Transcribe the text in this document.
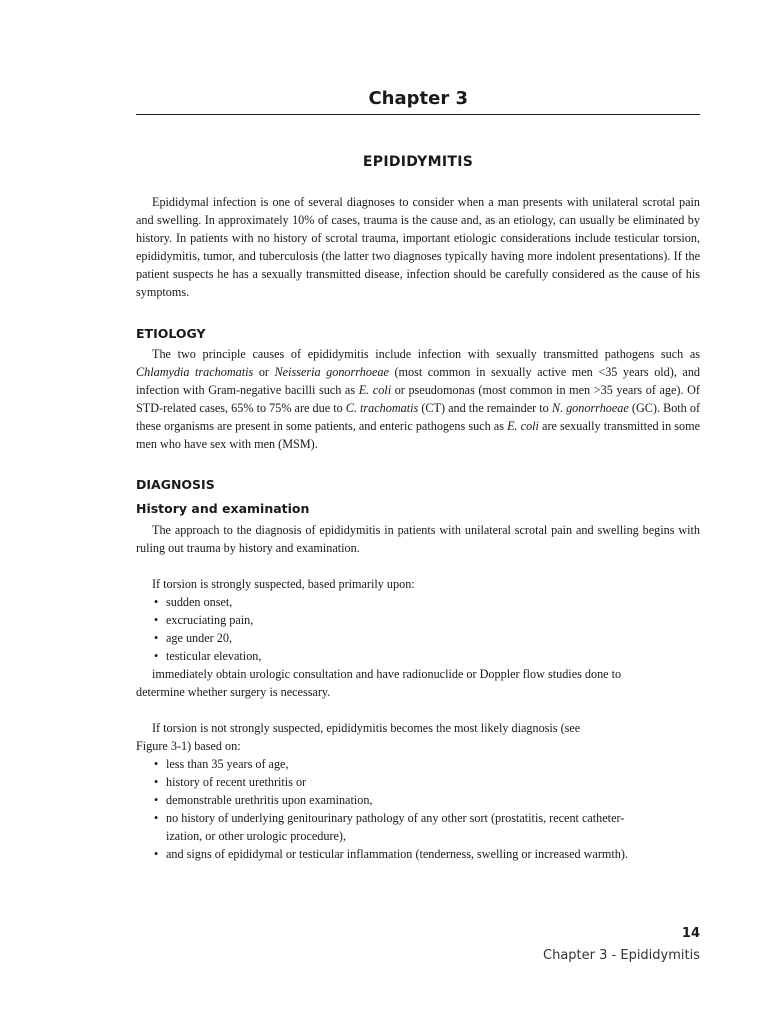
Chapter 3
EPIDIDYMITIS

Epididymal infection is one of several diagnoses to consider when a man presents with unilateral scrotal pain and swelling. In approximately 10% of cases, trauma is the cause and, as an etiology, can usually be eliminated by history. In patients with no history of scrotal trauma, important etiologic considerations include testicular torsion, epididymitis, tumor, and tuberculosis (the latter two diagnoses typically having more indolent presentations). If the patient suspects he has a sexually transmitted disease, infection should be carefully considered as the cause of his symptoms.

ETIOLOGY

The two principle causes of epididymitis include infection with sexually transmitted pathogens such as Chlamydia trachomatis or Neisseria gonorrhoeae (most common in sexually active men <35 years old), and infection with Gram-negative bacilli such as E. coli or pseudomonas (most common in men >35 years of age). Of STD-related cases, 65% to 75% are due to C. trachomatis (CT) and the remainder to N. gonorrhoeae (GC). Both of these organisms are present in some patients, and enteric pathogens such as E. coli are sexually transmitted in some men who have sex with men (MSM).

DIAGNOSIS
History and examination

The approach to the diagnosis of epididymitis in patients with unilateral scrotal pain and swelling begins with ruling out trauma by history and examination.

If torsion is strongly suspected, based primarily upon:
• sudden onset,
• excruciating pain,
• age under 20,
• testicular elevation,
immediately obtain urologic consultation and have radionuclide or Doppler flow studies done to
determine whether surgery is necessary.
If torsion is not strongly suspected, epididymitis becomes the most likely diagnosis (see
Figure 3-1) based on:
• less than 35 years of age,
• history of recent urethritis or
• demonstrable urethritis upon examination,
• no history of underlying genitourinary pathology of any other sort (prostatitis, recent catheter-
ization, or other urologic procedure),
• and signs of epididymal or testicular inflammation (tenderness, swelling or increased warmth).
14
Chapter 3 - Epididymitis
